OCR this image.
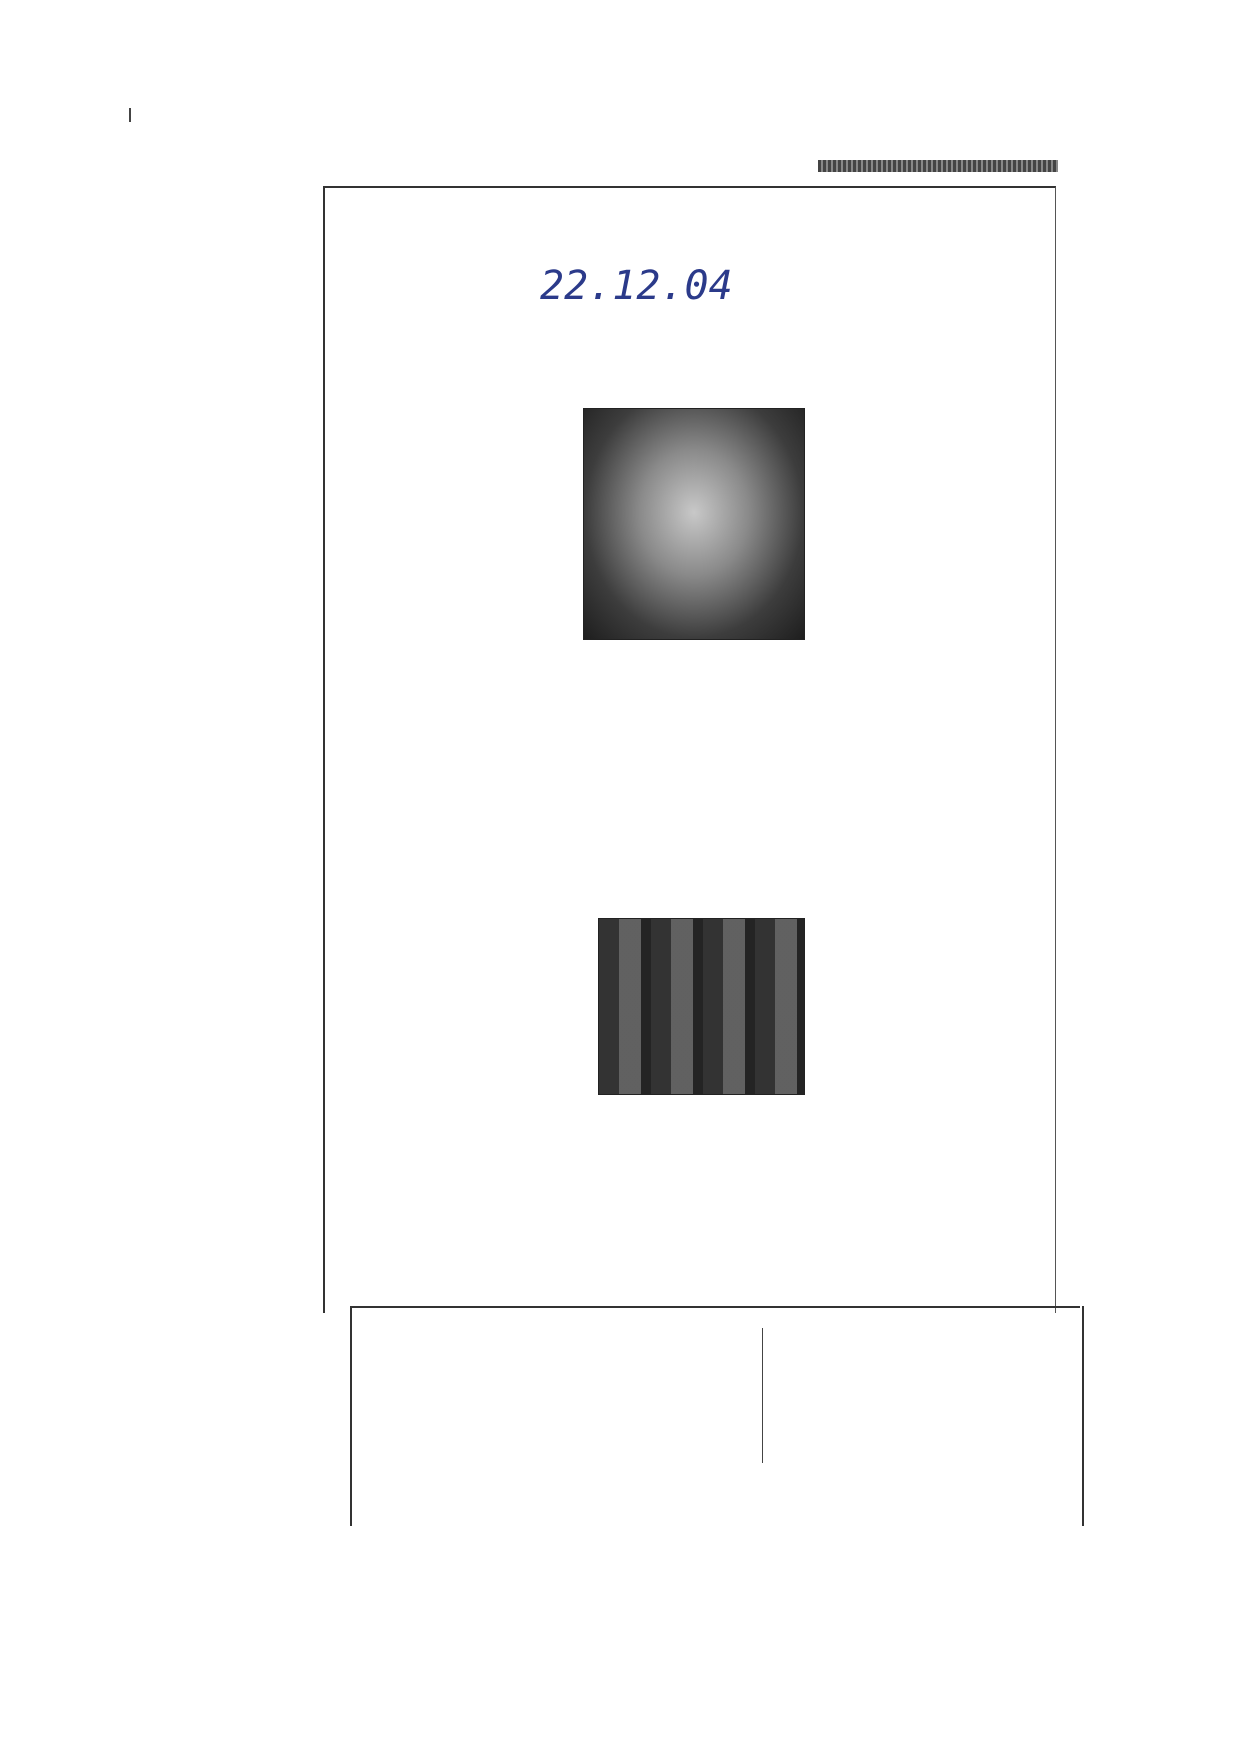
22.12.04
